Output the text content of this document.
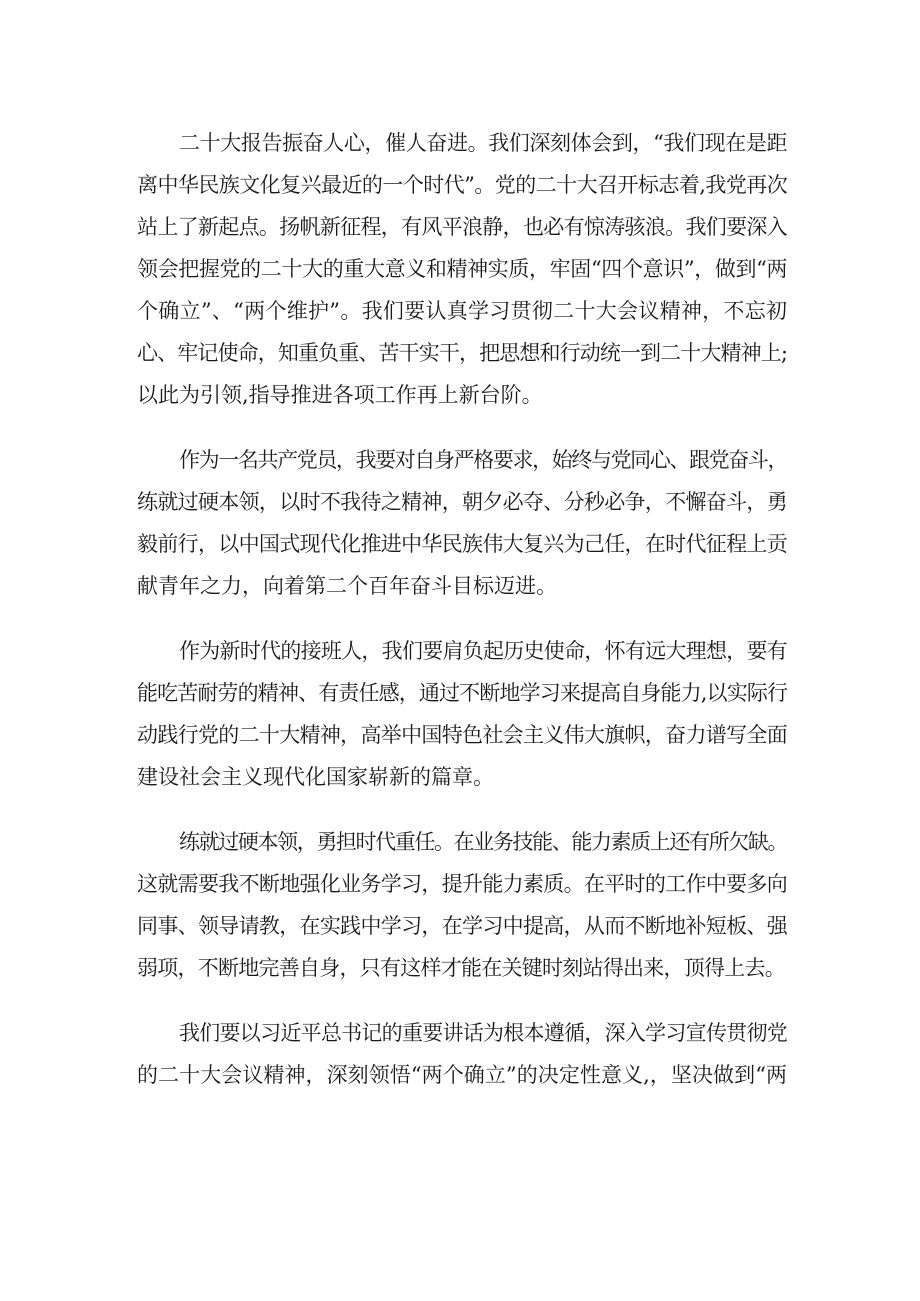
二十大报告振奋人心，催人奋进。我们深刻体会到，“我们现在是距
离中华民族文化复兴最近的一个时代”。党的二十大召开标志着,我党再次
站上了新起点。扬帆新征程，有风平浪静，也必有惊涛骇浪。我们要深入
领会把握党的二十大的重大意义和精神实质，牢固“四个意识”，做到“两
个确立”、“两个维护”。我们要认真学习贯彻二十大会议精神，不忘初
心、牢记使命，知重负重、苦干实干，把思想和行动统一到二十大精神上;
以此为引领,指导推进各项工作再上新台阶。
作为一名共产党员，我要对自身严格要求，始终与党同心、跟党奋斗，
练就过硬本领，以时不我待之精神，朝夕必夺、分秒必争，不懈奋斗，勇
毅前行，以中国式现代化推进中华民族伟大复兴为己任，在时代征程上贡
献青年之力，向着第二个百年奋斗目标迈进。
作为新时代的接班人，我们要肩负起历史使命，怀有远大理想，要有
能吃苦耐劳的精神、有责任感，通过不断地学习来提高自身能力,以实际行
动践行党的二十大精神，高举中国特色社会主义伟大旗帜，奋力谱写全面
建设社会主义现代化国家崭新的篇章。
练就过硬本领，勇担时代重任。在业务技能、能力素质上还有所欠缺。
这就需要我不断地强化业务学习，提升能力素质。在平时的工作中要多向
同事、领导请教，在实践中学习，在学习中提高，从而不断地补短板、强
弱项，不断地完善自身，只有这样才能在关键时刻站得出来，顶得上去。
我们要以习近平总书记的重要讲话为根本遵循，深入学习宣传贯彻党
的二十大会议精神，深刻领悟“两个确立”的决定性意义,，坚决做到“两
